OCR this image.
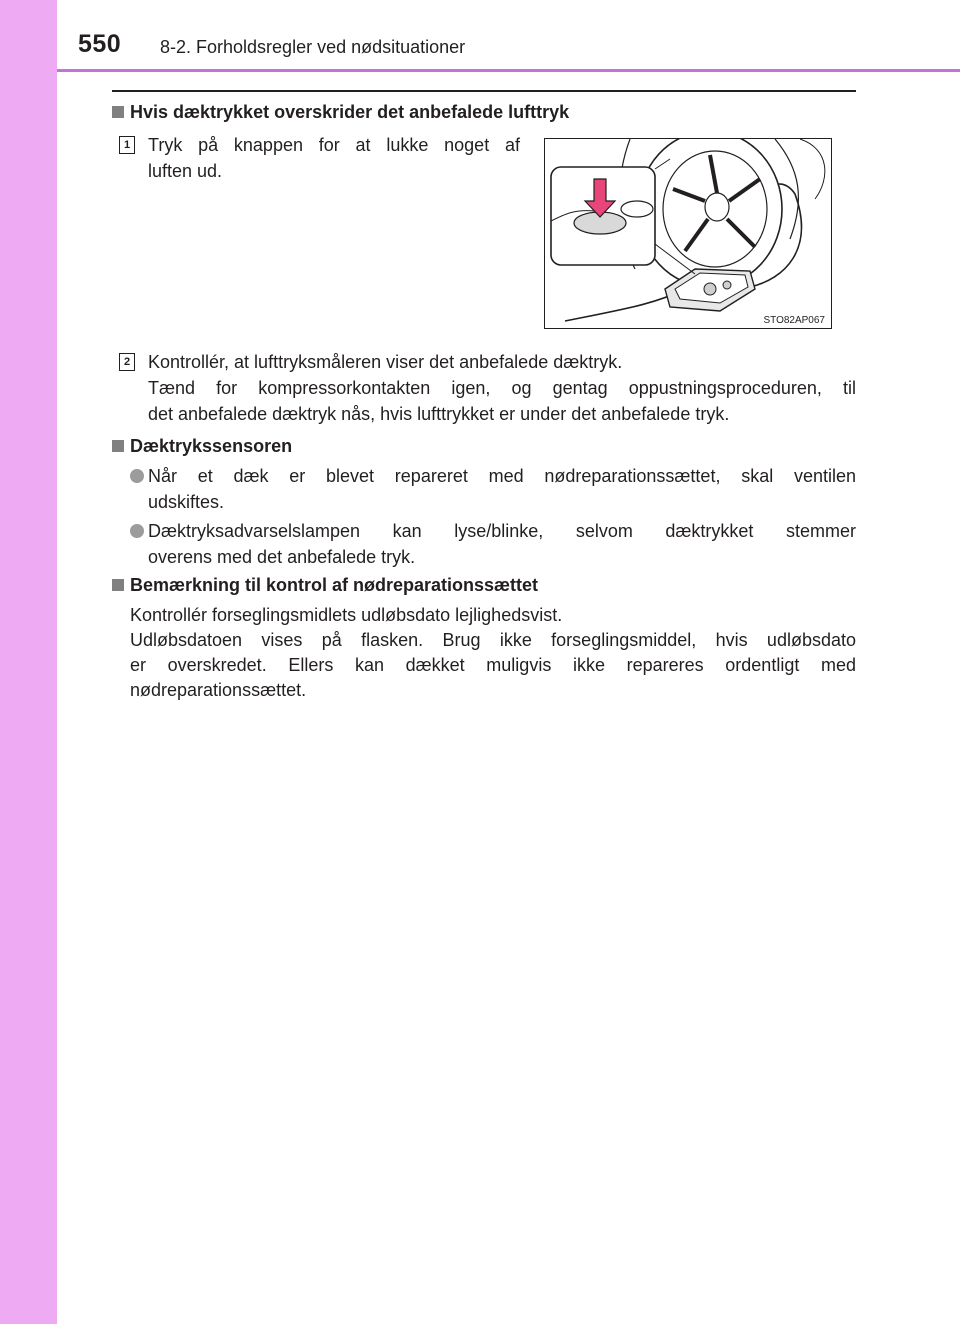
550 8-2. Forholdsregler ved nødsituationer
Hvis dæktrykket overskrider det anbefalede lufttryk
1 Tryk på knappen for at lukke noget af
luften ud.
STO82AP067
2 Kontrollér, at lufttryksmåleren viser det anbefalede dæktryk.
Tænd for kompressorkontakten igen, og gentag oppustningsproceduren, til
det anbefalede dæktryk nås, hvis lufttrykket er under det anbefalede tryk.
Dæktrykssensoren
Når et dæk er blevet repareret med nødreparationssættet, skal ventilen
udskiftes.
Dæktryksadvarselslampen kan lyse/blinke, selvom dæktrykket stemmer
overens med det anbefalede tryk.
Bemærkning til kontrol af nødreparationssættet
Kontrollér forseglingsmidlets udløbsdato lejlighedsvist.
Udløbsdatoen vises på flasken. Brug ikke forseglingsmiddel, hvis udløbsdato
er overskredet. Ellers kan dækket muligvis ikke repareres ordentligt med
nødreparationssættet.
